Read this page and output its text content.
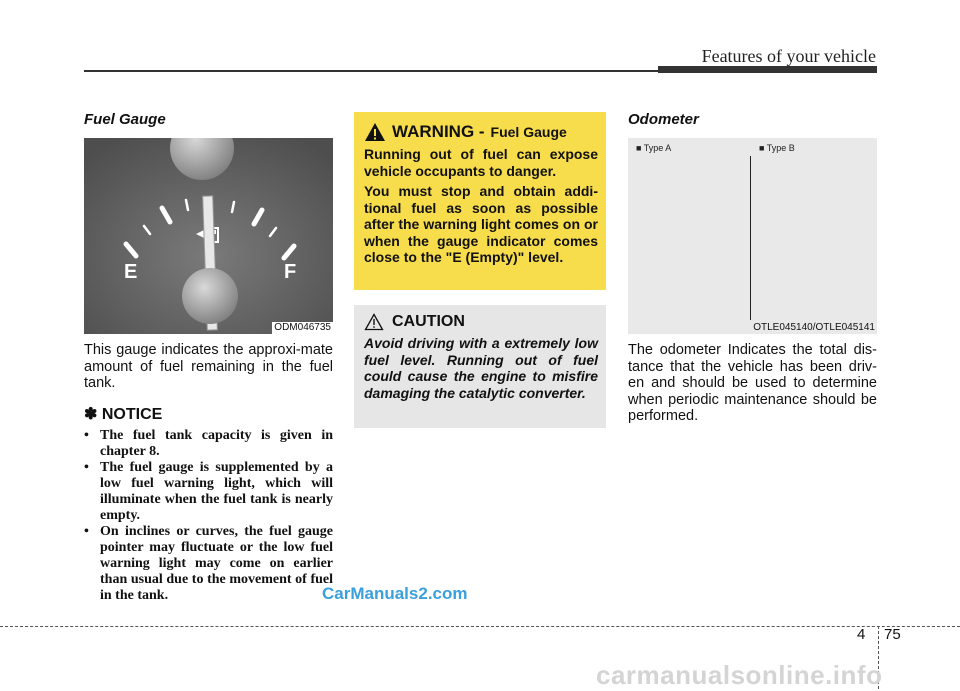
Features of your vehicle
Fuel Gauge
E	F
ODM046735
This gauge indicates the approxi-mate amount of fuel remaining in the fuel tank.
✽ NOTICE
• The fuel tank capacity is given in chapter 8.
• The fuel gauge is supplemented by a low fuel warning light, which will illuminate when the fuel tank is nearly empty.
• On inclines or curves, the fuel gauge pointer may fluctuate or the low fuel warning light may come on earlier than usual due to the movement of fuel in the tank.
WARNING - Fuel Gauge
Running out of fuel can expose vehicle occupants to danger.
You must stop and obtain addi-tional fuel as soon as possible after the warning light comes on or when the gauge indicator comes close to the "E (Empty)" level.
CAUTION
Avoid driving with a extremely low fuel level. Running out of fuel could cause the engine to misfire damaging the catalytic converter.
Odometer
■ Type A	■ Type B
OTLE045140/OTLE045141
The odometer Indicates the total dis-tance that the vehicle has been driv-en and should be used to determine when periodic maintenance should be performed.
CarManuals2.com
4 75
carmanualsonline.info
